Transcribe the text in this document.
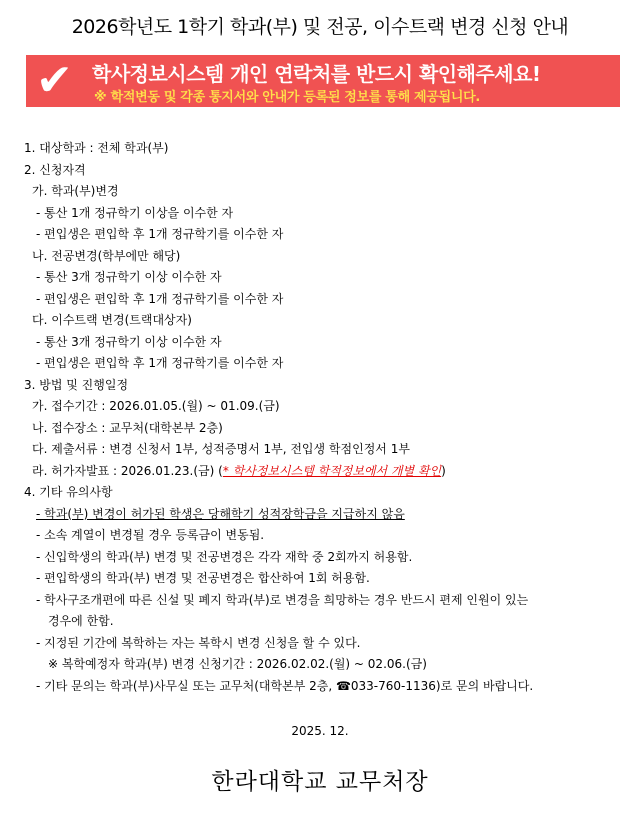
2026학년도 1학기 학과(부) 및 전공, 이수트랙 변경 신청 안내
✔ 학사정보시스템 개인 연락처를 반드시 확인해주세요!
※ 학적변동 및 각종 통지서와 안내가 등록된 정보를 통해 제공됩니다.
1. 대상학과 : 전체 학과(부)
2. 신청자격
가. 학과(부)변경
- 통산 1개 정규학기 이상을 이수한 자
- 편입생은 편입학 후 1개 정규학기를 이수한 자
나. 전공변경(학부에만 해당)
- 통산 3개 정규학기 이상 이수한 자
- 편입생은 편입학 후 1개 정규학기를 이수한 자
다. 이수트랙 변경(트랙대상자)
- 통산 3개 정규학기 이상 이수한 자
- 편입생은 편입학 후 1개 정규학기를 이수한 자
3. 방법 및 진행일정
가. 접수기간 : 2026.01.05.(월) ~ 01.09.(금)
나. 접수장소 : 교무처(대학본부 2층)
다. 제출서류 : 변경 신청서 1부, 성적증명서 1부, 전입생 학점인정서 1부
라. 허가자발표 : 2026.01.23.(금) (* 학사정보시스템 학적정보에서 개별 확인)
4. 기타 유의사항
- 학과(부) 변경이 허가된 학생은 당해학기 성적장학금을 지급하지 않음
- 소속 계열이 변경될 경우 등록금이 변동됨.
- 신입학생의 학과(부) 변경 및 전공변경은 각각 재학 중 2회까지 허용함.
- 편입학생의 학과(부) 변경 및 전공변경은 합산하여 1회 허용함.
- 학사구조개편에 따른 신설 및 폐지 학과(부)로 변경을 희망하는 경우 반드시 편제 인원이 있는
경우에 한함.
- 지정된 기간에 복학하는 자는 복학시 변경 신청을 할 수 있다.
※ 복학예정자 학과(부) 변경 신청기간 : 2026.02.02.(월) ~ 02.06.(금)
- 기타 문의는 학과(부)사무실 또는 교무처(대학본부 2층, ☎033-760-1136)로 문의 바랍니다.
2025. 12.
한라대학교 교무처장
